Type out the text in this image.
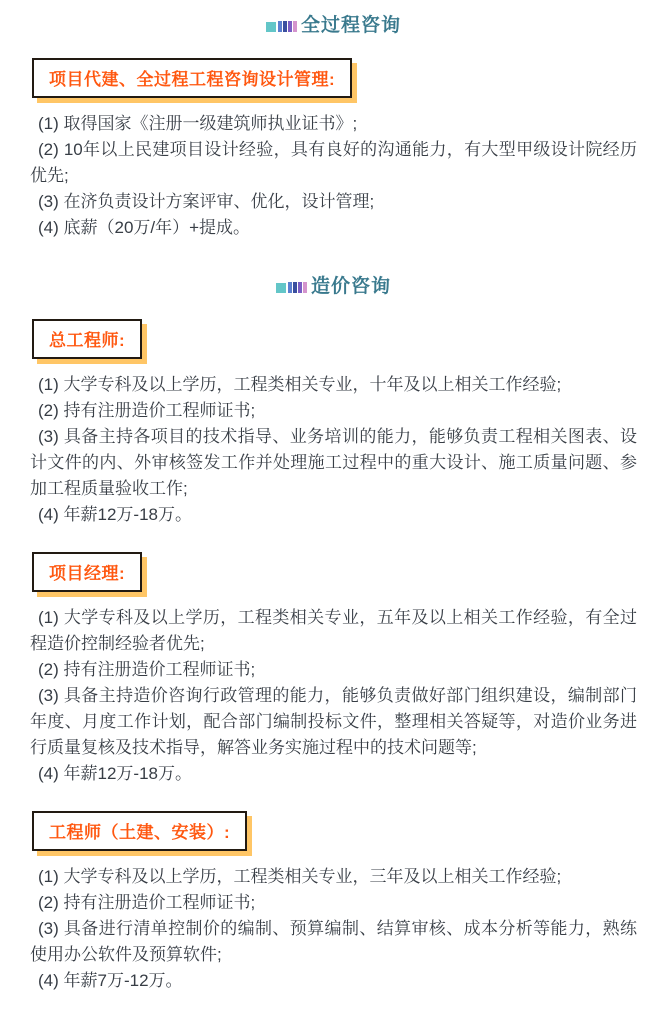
全过程咨询
项目代建、全过程工程咨询设计管理:

(1) 取得国家《注册一级建筑师执业证书》;

(2) 10年以上民建项目设计经验，具有良好的沟通能力，有大型甲级设计院经历优先;

(3) 在济负责设计方案评审、优化，设计管理;

(4) 底薪（20万/年）+提成。

造价咨询
总工程师:

(1) 大学专科及以上学历，工程类相关专业，十年及以上相关工作经验;

(2) 持有注册造价工程师证书;

(3) 具备主持各项目的技术指导、业务培训的能力，能够负责工程相关图表、设计文件的内、外审核签发工作并处理施工过程中的重大设计、施工质量问题、参加工程质量验收工作;

(4) 年薪12万-18万。

项目经理:

(1) 大学专科及以上学历，工程类相关专业，五年及以上相关工作经验，有全过程造价控制经验者优先;

(2) 持有注册造价工程师证书;

(3) 具备主持造价咨询行政管理的能力，能够负责做好部门组织建设，编制部门年度、月度工作计划，配合部门编制投标文件，整理相关答疑等，对造价业务进行质量复核及技术指导，解答业务实施过程中的技术问题等;

(4) 年薪12万-18万。

工程师（土建、安装）:

(1) 大学专科及以上学历，工程类相关专业，三年及以上相关工作经验;

(2) 持有注册造价工程师证书;

(3) 具备进行清单控制价的编制、预算编制、结算审核、成本分析等能力，熟练使用办公软件及预算软件;

(4) 年薪7万-12万。
